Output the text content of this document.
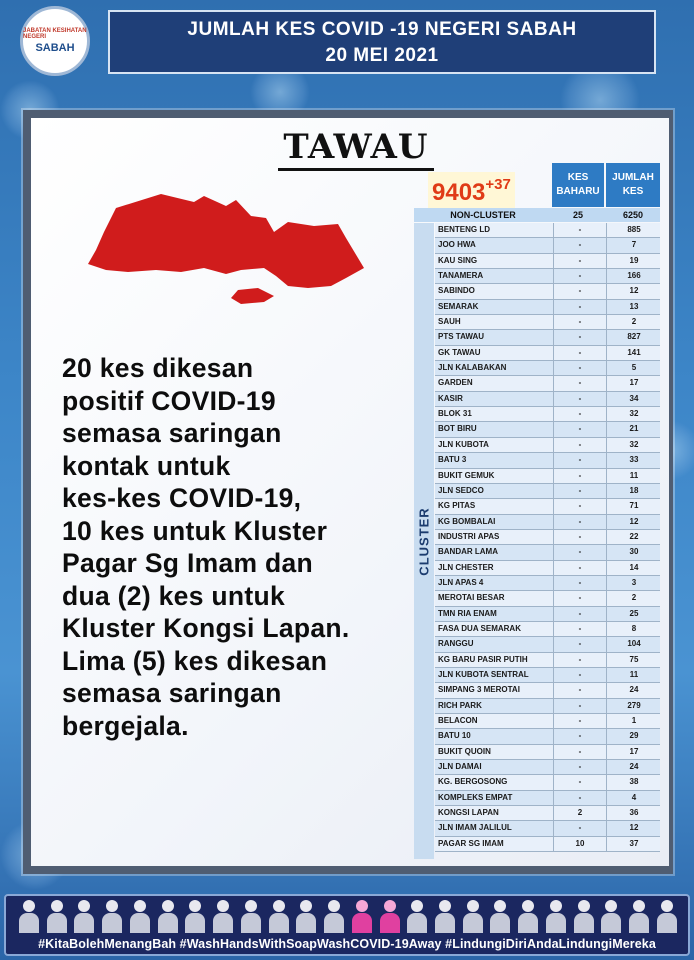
JABATAN KESIHATAN NEGERI
SABAH
JUMLAH KES COVID -19 NEGERI SABAH
20 MEI 2021
TAWAU
20 kes dikesan
positif COVID-19
semasa saringan
kontak untuk
kes-kes COVID-19,
10 kes untuk Kluster
Pagar Sg Imam dan
dua (2) kes untuk
Kluster Kongsi Lapan.
Lima (5) kes dikesan
semasa saringan
bergejala.
$9403^{+37}$	KES
BAHARU
JUMLAH
KES
NON-CLUSTER	25	6250
CLUSTER
BENTENG LD	-	885
JOO HWA	-	7
KAU SING	-	19
TANAMERA	-	166
SABINDO	-	12
SEMARAK	-	13
SAUH	-	2
PTS TAWAU	-	827
GK TAWAU	-	141
JLN KALABAKAN	-	5
GARDEN	-	17
KASIR	-	34
BLOK 31	-	32
BOT BIRU	-	21
JLN KUBOTA	-	32
BATU 3	-	33
BUKIT GEMUK	-	11
JLN SEDCO	-	18
KG PITAS	-	71
KG BOMBALAI	-	12
INDUSTRI APAS	-	22
BANDAR LAMA	-	30
JLN CHESTER	-	14
JLN APAS 4	-	3
MEROTAI BESAR	-	2
TMN RIA ENAM	-	25
FASA DUA SEMARAK	-	8
RANGGU	-	104
KG BARU PASIR PUTIH	-	75
JLN KUBOTA SENTRAL	-	11
SIMPANG 3 MEROTAI	-	24
RICH PARK	-	279
BELACON	-	1
BATU 10	-	29
BUKIT QUOIN	-	17
JLN DAMAI	-	24
KG. BERGOSONG	-	38
KOMPLEKS EMPAT	-	4
KONGSI LAPAN	2	36
JLN IMAM JALILUL	-	12
PAGAR SG IMAM	10	37
#KitaBolehMenangBah #WashHandsWithSoapWashCOVID-19Away #LindungiDiriAndaLindungiMereka
